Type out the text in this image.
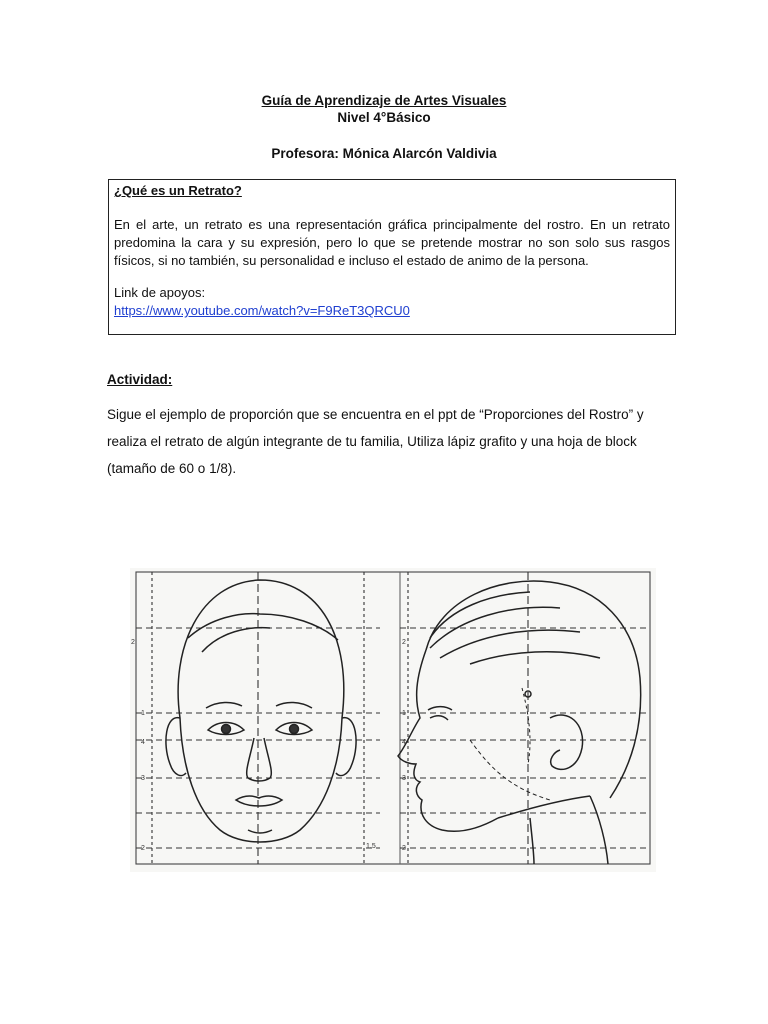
Guía de Aprendizaje de Artes Visuales
Nivel 4°Básico
Profesora: Mónica Alarcón Valdivia

¿Qué es un Retrato?

En el arte, un retrato es una representación gráfica principalmente del rostro. En un retrato predomina la cara y su expresión, pero lo que se pretende mostrar no son solo sus rasgos físicos, si no también, su personalidad e incluso el estado de animo de la persona.

Link de apoyos:

https://www.youtube.com/watch?v=F9ReT3QRCU0
Actividad:

Sigue el ejemplo de proporción que se encuentra en el ppt de “Proporciones del Rostro” y realiza el retrato de algún integrante de tu familia, Utiliza lápiz grafito y una hoja de block (tamaño de 60 o 1/8).

2
1
4
3
2
2
1
4
3
2
1.5
